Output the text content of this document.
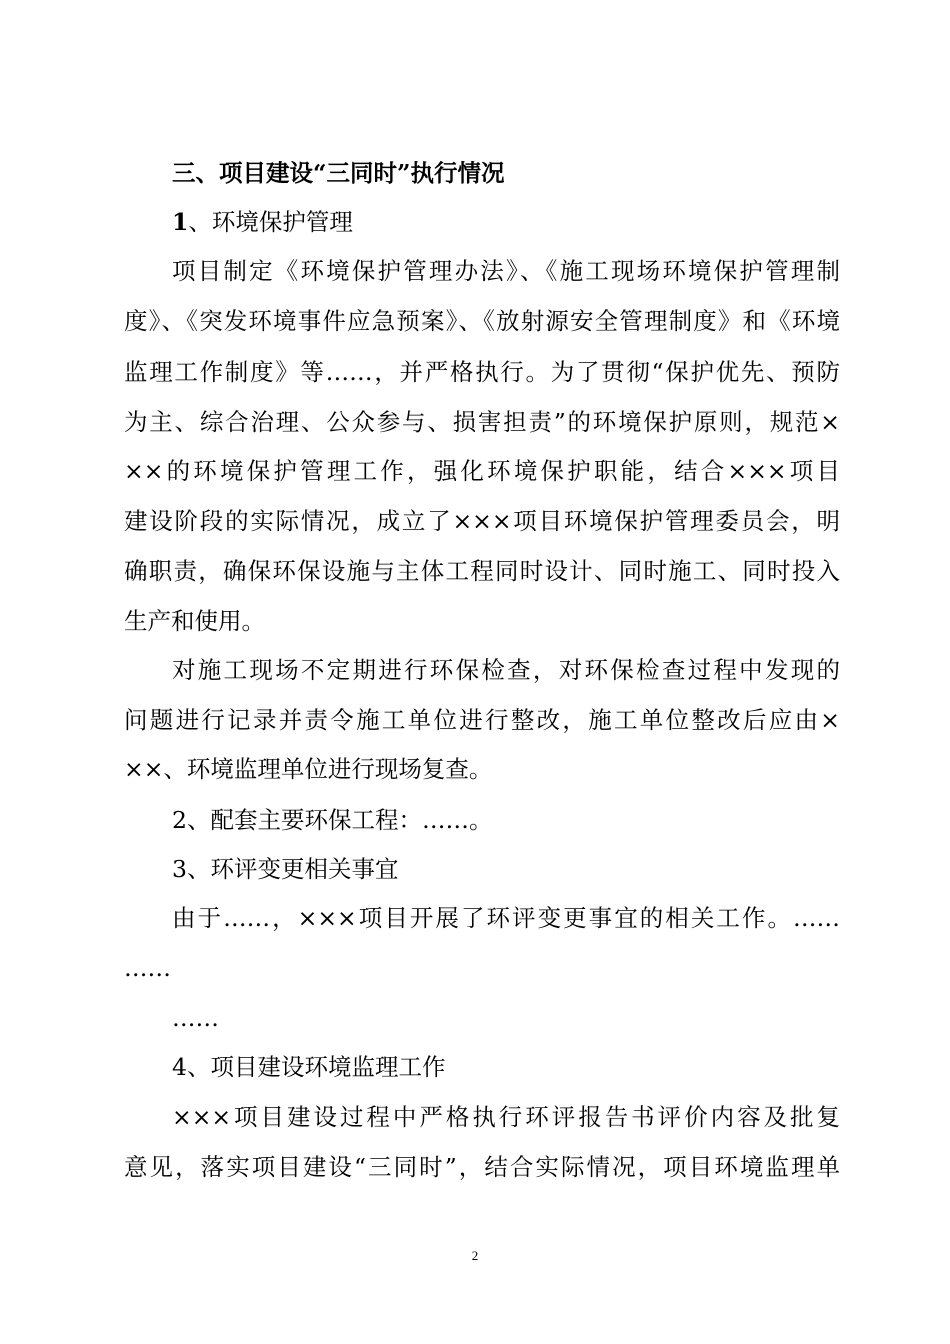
三、项目建设“三同时”执行情况
1、环境保护管理
项目制定《环境保护管理办法》、《施工现场环境保护管理制
度》、《突发环境事件应急预案》、《放射源安全管理制度》和《环境
监理工作制度》等……，并严格执行。为了贯彻“保护优先、预防
为主、综合治理、公众参与、损害担责”的环境保护原则，规范×
××的环境保护管理工作，强化环境保护职能，结合×××项目
建设阶段的实际情况，成立了×××项目环境保护管理委员会，明
确职责，确保环保设施与主体工程同时设计、同时施工、同时投入
生产和使用。
对施工现场不定期进行环保检查，对环保检查过程中发现的
问题进行记录并责令施工单位进行整改，施工单位整改后应由×
××、环境监理单位进行现场复查。
2、配套主要环保工程：……。
3、环评变更相关事宜
由于……，×××项目开展了环评变更事宜的相关工作。……
……
……
4、项目建设环境监理工作
×××项目建设过程中严格执行环评报告书评价内容及批复
意见，落实项目建设“三同时”，结合实际情况，项目环境监理单
2
